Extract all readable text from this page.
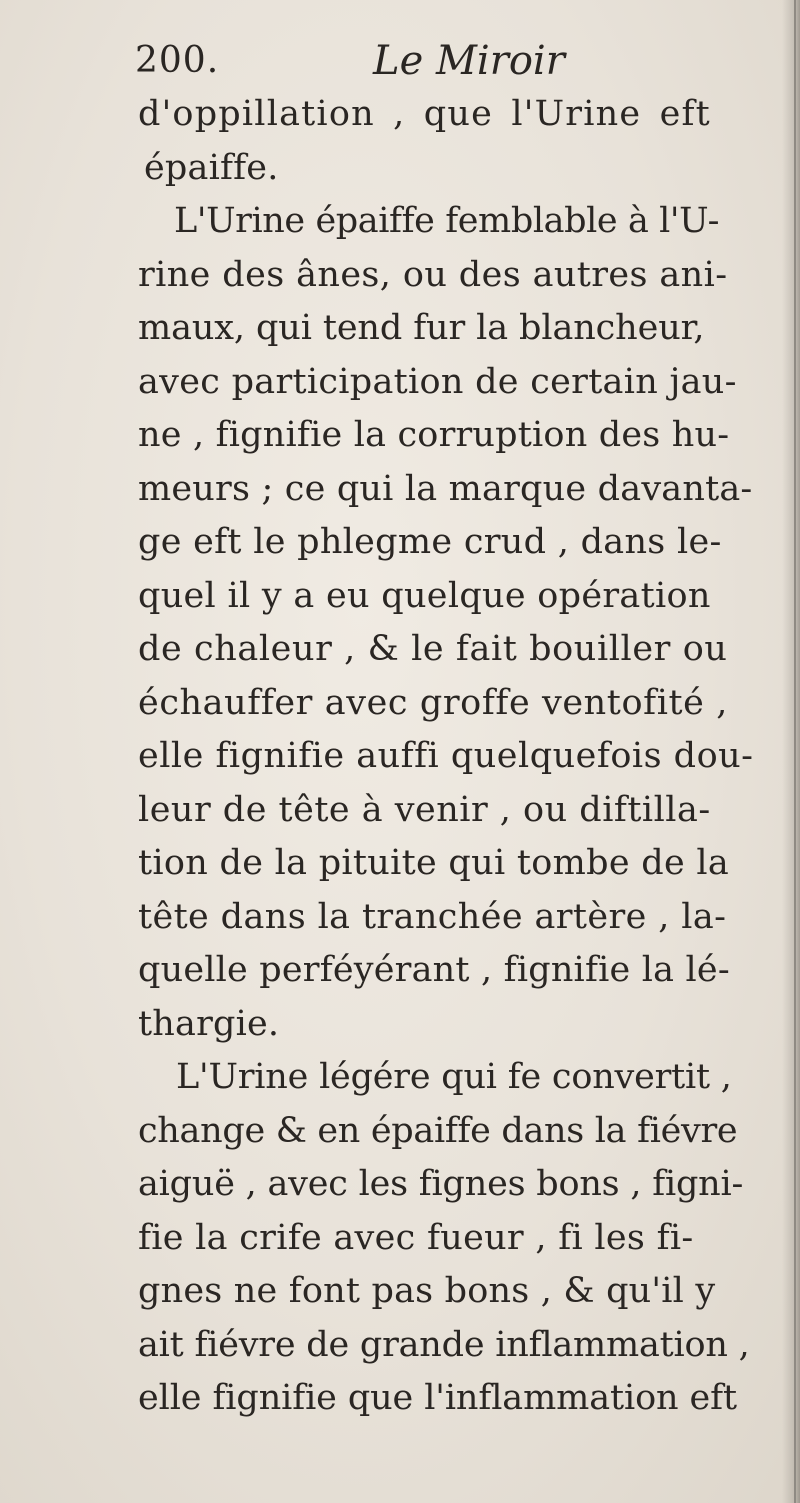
200.	Le Miroir
d'oppillation , que l'Urine eft
épaiffe.
L'Urine épaiffe femblable à l'U-
rine des ânes, ou des autres ani-
maux, qui tend fur la blancheur,
avec participation de certain jau-
ne , fignifie la corruption des hu-
meurs ; ce qui la marque davanta-
ge eft le phlegme crud , dans le-
quel il y a eu quelque opération
de chaleur , & le fait bouiller ou
échauffer avec groffe ventofité ,
elle fignifie auffi quelquefois dou-
leur de tête à venir , ou diftilla-
tion de la pituite qui tombe de la
tête dans la tranchée artère , la-
quelle perféyérant , fignifie la lé-
thargie.
L'Urine légére qui fe convertit ,
change & en épaiffe dans la fiévre
aiguë , avec les fignes bons , figni-
fie la crife avec fueur , fi les fi-
gnes ne font pas bons , & qu'il y
ait fiévre de grande inflammation ,
elle fignifie que l'inflammation eft
